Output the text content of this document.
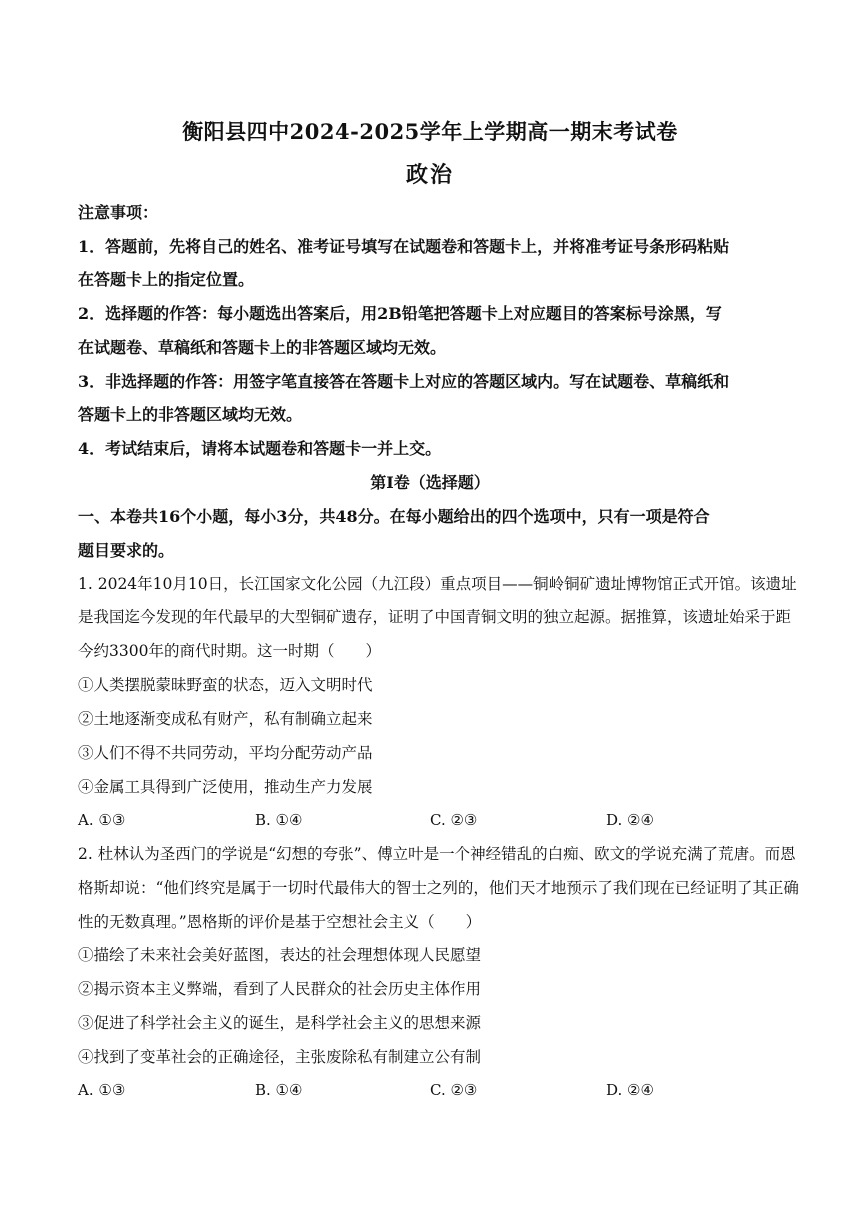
衡阳县四中2024-2025学年上学期高一期末考试卷
政治
注意事项：
1．答题前，先将自己的姓名、准考证号填写在试题卷和答题卡上，并将准考证号条形码粘贴
在答题卡上的指定位置。
2．选择题的作答：每小题选出答案后，用2B铅笔把答题卡上对应题目的答案标号涂黑，写
在试题卷、草稿纸和答题卡上的非答题区域均无效。
3．非选择题的作答：用签字笔直接答在答题卡上对应的答题区域内。写在试题卷、草稿纸和
答题卡上的非答题区域均无效。
4．考试结束后，请将本试题卷和答题卡一并上交。
第Ⅰ卷（选择题）
一、本卷共16个小题，每小3分，共48分。在每小题给出的四个选项中，只有一项是符合
题目要求的。
1. 2024年10月10日，长江国家文化公园（九江段）重点项目——铜岭铜矿遗址博物馆正式开馆。该遗址
是我国迄今发现的年代最早的大型铜矿遗存，证明了中国青铜文明的独立起源。据推算，该遗址始采于距
今约3300年的商代时期。这一时期（　　）
①人类摆脱蒙昧野蛮的状态，迈入文明时代
②土地逐渐变成私有财产，私有制确立起来
③人们不得不共同劳动，平均分配劳动产品
④金属工具得到广泛使用，推动生产力发展
A. ①③	B. ①④	C. ②③	D. ②④
2. 杜林认为圣西门的学说是“幻想的夸张”、傅立叶是一个神经错乱的白痴、欧文的学说充满了荒唐。而恩
格斯却说：“他们终究是属于一切时代最伟大的智士之列的，他们天才地预示了我们现在已经证明了其正确
性的无数真理。”恩格斯的评价是基于空想社会主义（　　）
①描绘了未来社会美好蓝图，表达的社会理想体现人民愿望
②揭示资本主义弊端，看到了人民群众的社会历史主体作用
③促进了科学社会主义的诞生，是科学社会主义的思想来源
④找到了变革社会的正确途径，主张废除私有制建立公有制
A. ①③	B. ①④	C. ②③	D. ②④
